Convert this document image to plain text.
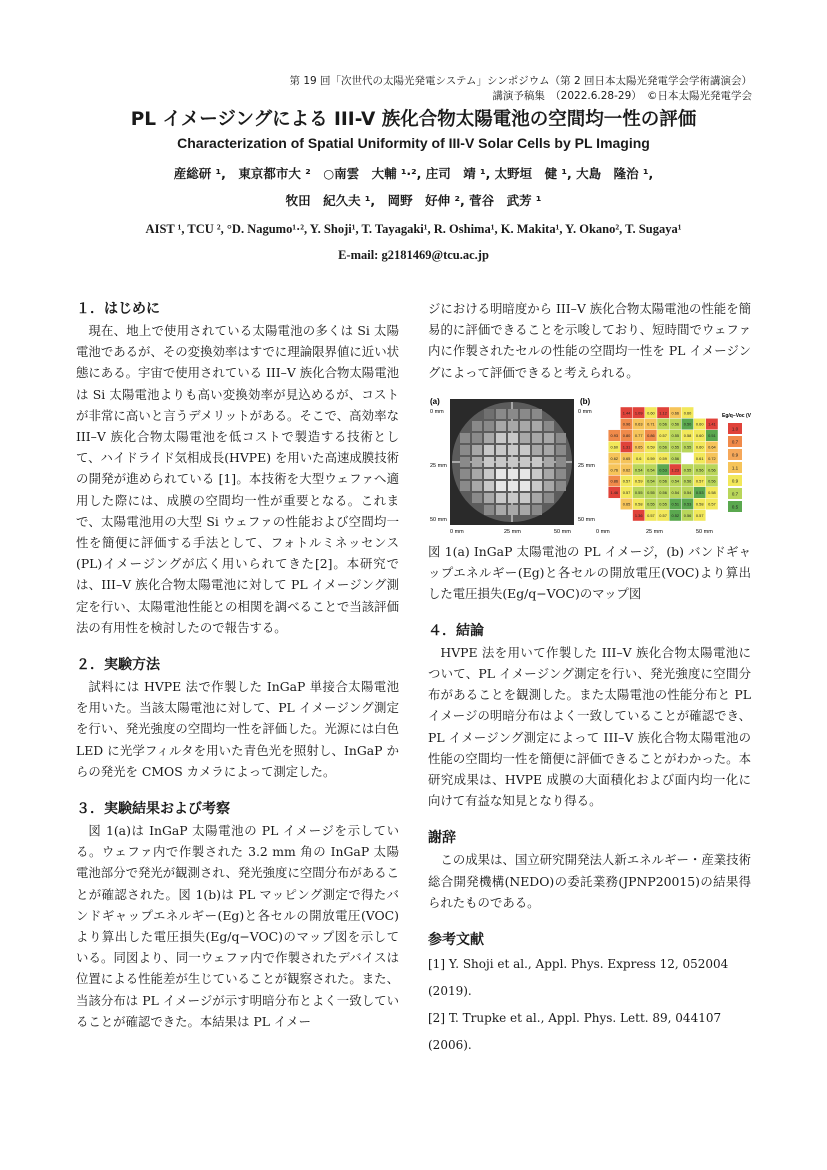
第 19 回「次世代の太陽光発電システム」シンポジウム（第 2 回日本太陽光発電学会学術講演会）
講演予稿集　（2022.6.28-29）　©日本太陽光発電学会
PL イメージングによる III-V 族化合物太陽電池の空間均一性の評価
Characterization of Spatial Uniformity of III-V Solar Cells by PL Imaging
産総研 ¹,　東京都市大 ²　○南雲　大輔 ¹·², 庄司　靖 ¹, 太野垣　健 ¹, 大島　隆治 ¹,
牧田　紀久夫 ¹,　岡野　好伸 ², 菅谷　武芳 ¹
AIST ¹, TCU ², °D. Nagumo¹·², Y. Shoji¹, T. Tayagaki¹, R. Oshima¹, K. Makita¹, Y. Okano², T. Sugaya¹
E-mail: g2181469@tcu.ac.jp
１．はじめに

現在、地上で使用されている太陽電池の多くは Si 太陽電池であるが、その変換効率はすでに理論限界値に近い状態にある。宇宙で使用されている III–V 族化合物太陽電池は Si 太陽電池よりも高い変換効率が見込めるが、コストが非常に高いと言うデメリットがある。そこで、高効率な III–V 族化合物太陽電池を低コストで製造する技術として、ハイドライド気相成長(HVPE) を用いた高速成膜技術の開発が進められている [1]。本技術を大型ウェファへ適用した際には、成膜の空間均一性が重要となる。これまで、太陽電池用の大型 Si ウェファの性能および空間均一性を簡便に評価する手法として、フォトルミネッセンス(PL)イメージングが広く用いられてきた[2]。本研究では、III–V 族化合物太陽電池に対して PL イメージング測定を行い、太陽電池性能との相関を調べることで当該評価法の有用性を検討したので報告する。

２．実験方法

試料には HVPE 法で作製した InGaP 単接合太陽電池を用いた。当該太陽電池に対して、PL イメージング測定を行い、発光強度の空間均一性を評価した。光源には白色 LED に光学フィルタを用いた青色光を照射し、InGaP からの発光を CMOS カメラによって測定した。

３．実験結果および考察

図 1(a)は InGaP 太陽電池の PL イメージを示している。ウェファ内で作製された 3.2 mm 角の InGaP 太陽電池部分で発光が観測され、発光強度に空間分布があることが確認された。図 1(b)は PL マッピング測定で得たバンドギャップエネルギー(Eg)と各セルの開放電圧(VOC)より算出した電圧損失(Eg/q−VOC)のマップ図を示している。同図より、同一ウェファ内で作製されたデバイスは位置による性能差が生じていることが観察された。また、当該分布は PL イメージが示す明暗分布とよく一致していることが確認できた。本結果は PL イメー

ジにおける明暗度から III–V 族化合物太陽電池の性能を簡易的に評価できることを示唆しており、短時間でウェファ内に作製されたセルの性能の空間均一性を PL イメージングによって評価できると考えられる。

(a)
0 mm
25 mm
50 mm
0 mm	25 mm	50 mm
(b)
0 mm
25 mm
50 mm
1.44 1.09 0.60 1.12 0.66 0.60
0.96 0.63 0.71 0.56 0.56 0.50 0.60 1.41
0.93 0.80 0.77 0.86 0.57 0.55 0.58 0.60 0.51
0.60 1.31 0.65 0.59 0.56 0.55 0.55 0.60 0.64
0.62 0.65 0.6 0.59 0.59 0.56	0.61 0.72
0.76 0.62 0.54 0.54 0.53 1.23 0.55 0.56 0.56
0.86 0.57 0.59 0.54 0.56 0.54 0.56 0.57 0.56
1.46 0.57 0.55 0.55 0.56 0.54 0.54 0.53 0.58
0.65 0.58 0.55 0.55 0.51 0.53 0.58 0.57
1.36 0.57 0.57 0.52 0.56 0.57
0 mm	25 mm	50 mm
Eg/q−Voc (V)
1.0
0.7
0.9
1.1
0.9
0.7
0.5

図 1(a) InGaP 太陽電池の PL イメージ，(b) バンドギャップエネルギー(Eg)と各セルの開放電圧(VOC)より算出した電圧損失(Eg/q−VOC)のマップ図

４．結論

HVPE 法を用いて作製した III–V 族化合物太陽電池について、PL イメージング測定を行い、発光強度に空間分布があることを観測した。また太陽電池の性能分布と PL イメージの明暗分布はよく一致していることが確認でき、PL イメージング測定によって III–V 族化合物太陽電池の性能の空間均一性を簡便に評価できることがわかった。本研究成果は、HVPE 成膜の大面積化および面内均一化に向けて有益な知見となり得る。

謝辞

この成果は、国立研究開発法人新エネルギー・産業技術総合開発機構(NEDO)の委託業務(JPNP20015)の結果得られたものである。

参考文献

[1] Y. Shoji et al., Appl. Phys. Express 12, 052004 (2019).

[2] T. Trupke et al., Appl. Phys. Lett. 89, 044107 (2006).
